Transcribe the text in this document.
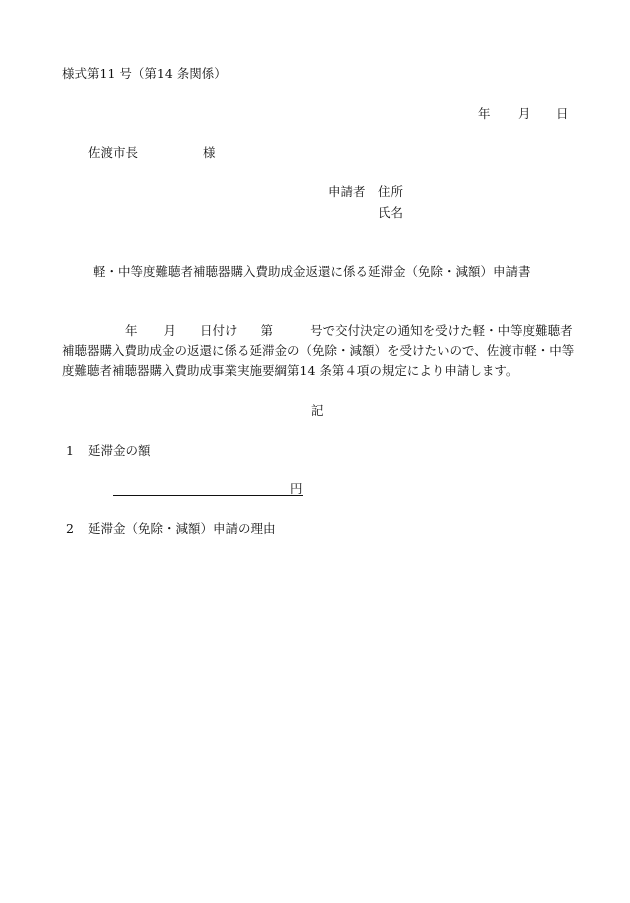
様式第11 号（第14 条関係）
年 月 日
佐渡市長	様
申請者 住所
氏名
軽・中等度難聴者補聴器購入費助成金返還に係る延滞金（免除・減額）申請書
年 月 日付け 第	号で交付決定の通知を受けた軽・中等度難聴者補聴器購入費助成金の返還に係る延滞金の（免除・減額）を受けたいので、佐渡市軽・中等度難聴者補聴器購入費助成事業実施要綱第14 条第４項の規定により申請します。
記
1 延滞金の額
円
2 延滞金（免除・減額）申請の理由
